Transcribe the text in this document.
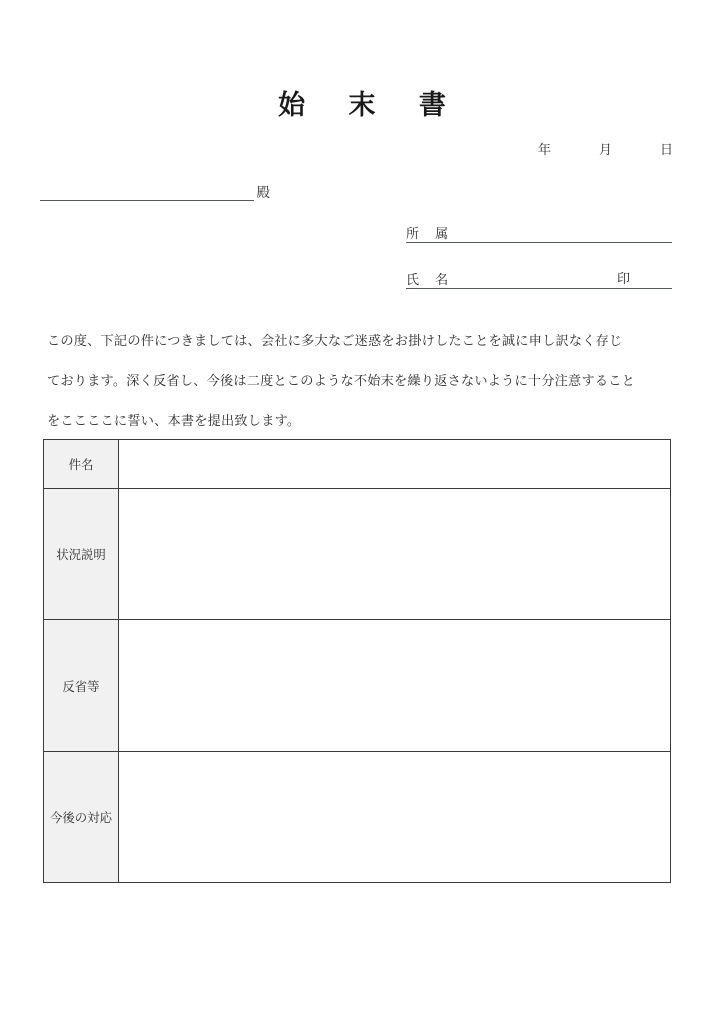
始 末 書
年	月	日
殿
所 属
氏 名	印
この度、下記の件につきましては、会社に多大なご迷惑をお掛けしたことを誠に申し訳なく存じ
ております。深く反省し、今後は二度とこのような不始末を繰り返さないように十分注意すること
をここここに誓い、本書を提出致します。
件名	
状況説明	
反省等	
今後の対応	
